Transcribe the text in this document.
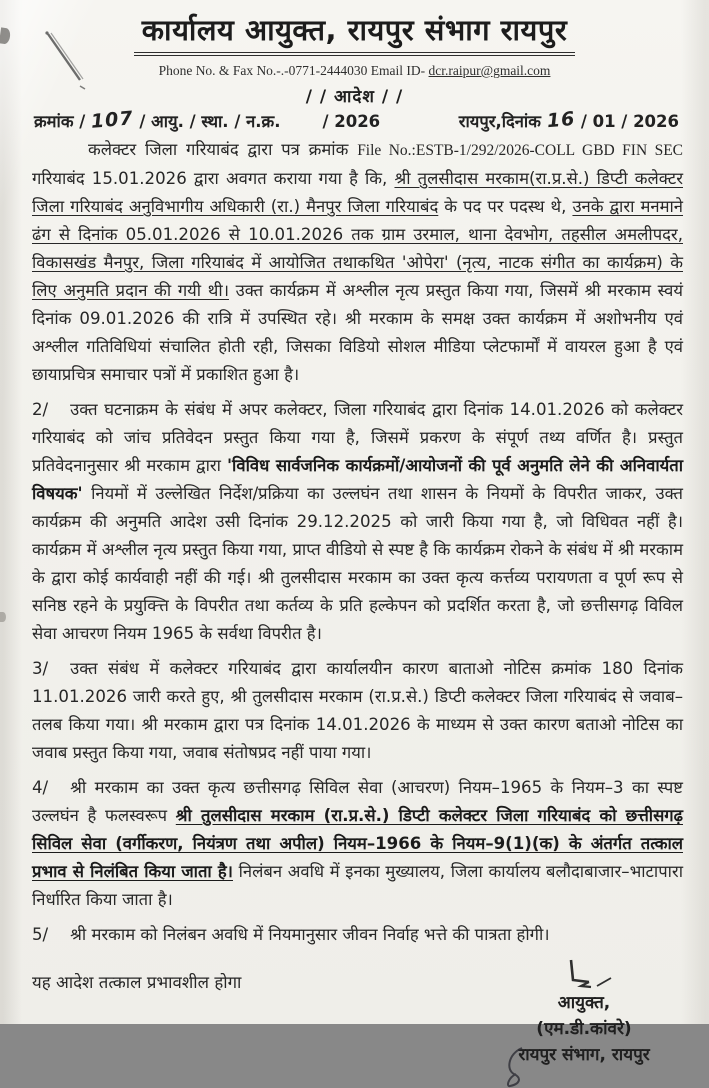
कार्यालय आयुक्त, रायपुर संभाग रायपुर
Phone No. & Fax No.-.-0771-2444030 Email ID- dcr.raipur@gmail.com
/ / आदेश / /
क्रमांक / 107 / आयु. / स्था. / न.क्र.	/ 2026	रायपुर,दिनांक 16 / 01 / 2026
कलेक्टर जिला गरियाबंद द्वारा पत्र क्रमांक File No.:ESTB-1/292/2026-COLL GBD FIN SEC गरियाबंद 15.01.2026 द्वारा अवगत कराया गया है कि, श्री तुलसीदास मरकाम(रा.प्र.से.) डिप्टी कलेक्टर जिला गरियाबंद अनुविभागीय अधिकारी (रा.) मैनपुर जिला गरियाबंद के पद पर पदस्थ थे, उनके द्वारा मनमाने ढंग से दिनांक 05.01.2026 से 10.01.2026 तक ग्राम उरमाल, थाना देवभोग, तहसील अमलीपदर, विकासखंड मैनपुर, जिला गरियाबंद में आयोजित तथाकथित 'ओपेरा' (नृत्य, नाटक संगीत का कार्यक्रम) के लिए अनुमति प्रदान की गयी थी। उक्त कार्यक्रम में अश्लील नृत्य प्रस्तुत किया गया, जिसमें श्री मरकाम स्वयं दिनांक 09.01.2026 की रात्रि में उपस्थित रहे। श्री मरकाम के समक्ष उक्त कार्यक्रम में अशोभनीय एवं अश्लील गतिविधियां संचालित होती रही, जिसका विडियो सोशल मीडिया प्लेटफार्मों में वायरल हुआ है एवं छायाप्रचित्र समाचार पत्रों में प्रकाशित हुआ है।
2/ उक्त घटनाक्रम के संबंध में अपर कलेक्टर, जिला गरियाबंद द्वारा दिनांक 14.01.2026 को कलेक्टर गरियाबंद को जांच प्रतिवेदन प्रस्तुत किया गया है, जिसमें प्रकरण के संपूर्ण तथ्य वर्णित है। प्रस्तुत प्रतिवेदनानुसार श्री मरकाम द्वारा 'विविध सार्वजनिक कार्यक्रमों/आयोजनों की पूर्व अनुमति लेने की अनिवार्यता विषयक' नियमों में उल्लेखित निर्देश/प्रक्रिया का उल्लघंन तथा शासन के नियमों के विपरीत जाकर, उक्त कार्यक्रम की अनुमति आदेश उसी दिनांक 29.12.2025 को जारी किया गया है, जो विधिवत नहीं है। कार्यक्रम में अश्लील नृत्य प्रस्तुत किया गया, प्राप्त वीडियो से स्पष्ट है कि कार्यक्रम रोकने के संबंध में श्री मरकाम के द्वारा कोई कार्यवाही नहीं की गई। श्री तुलसीदास मरकाम का उक्त कृत्य कर्त्तव्य परायणता व पूर्ण रूप से सनिष्ठ रहने के प्रयुक्त्ति के विपरीत तथा कर्तव्य के प्रति हल्केपन को प्रदर्शित करता है, जो छत्तीसगढ़ विविल सेवा आचरण नियम 1965 के सर्वथा विपरीत है।
3/ उक्त संबंध में कलेक्टर गरियाबंद द्वारा कार्यालयीन कारण बाताओ नोटिस क्रमांक 180 दिनांक 11.01.2026 जारी करते हुए, श्री तुलसीदास मरकाम (रा.प्र.से.) डिप्टी कलेक्टर जिला गरियाबंद से जवाब–तलब किया गया। श्री मरकाम द्वारा पत्र दिनांक 14.01.2026 के माध्यम से उक्त कारण बताओ नोटिस का जवाब प्रस्तुत किया गया, जवाब संतोषप्रद नहीं पाया गया।
4/ श्री मरकाम का उक्त कृत्य छत्तीसगढ़ सिविल सेवा (आचरण) नियम–1965 के नियम–3 का स्पष्ट उल्लघंन है फलस्वरूप श्री तुलसीदास मरकाम (रा.प्र.से.) डिप्टी कलेक्टर जिला गरियाबंद को छत्तीसगढ़ सिविल सेवा (वर्गीकरण, नियंत्रण तथा अपील) नियम–1966 के नियम–9(1)(क) के अंतर्गत तत्काल प्रभाव से निलंबित किया जाता है। निलंबन अवधि में इनका मुख्यालय, जिला कार्यालय बलौदाबाजार–भाटापारा निर्धारित किया जाता है।
5/ श्री मरकाम को निलंबन अवधि में नियमानुसार जीवन निर्वाह भत्ते की पात्रता होगी।
यह आदेश तत्काल प्रभावशील होगा
आयुक्त,
(एम.डी.कांवरे)
रायपुर संभाग, रायपुर
